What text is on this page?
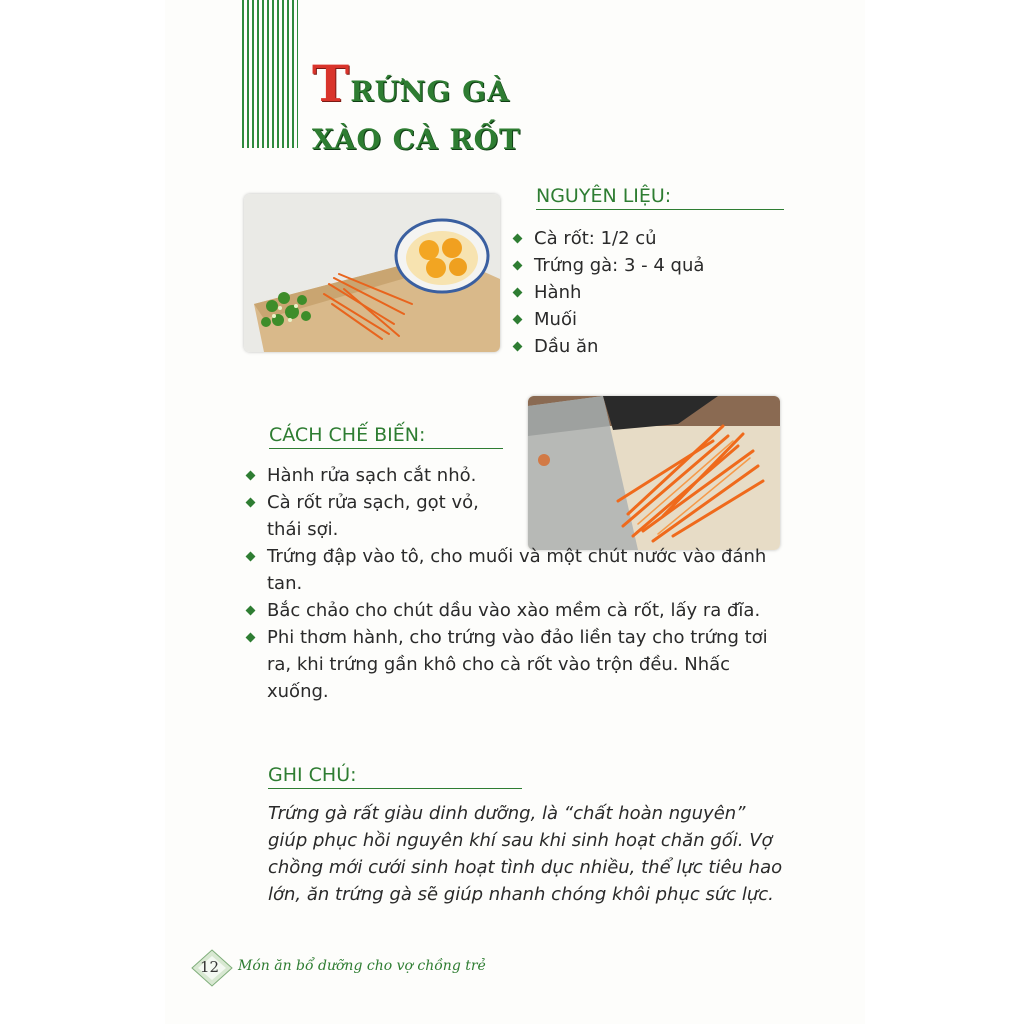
TRỨNG GÀ
XÀO CÀ RỐT
NGUYÊN LIỆU:
Cà rốt: 1/2 củ
Trứng gà: 3 - 4 quả
Hành
Muối
Dầu ăn
CÁCH CHẾ BIẾN:
Hành rửa sạch cắt nhỏ.
Cà rốt rửa sạch, gọt vỏ, thái sợi.
Trứng đập vào tô, cho muối và một chút nước vào đánh tan.
Bắc chảo cho chút dầu vào xào mềm cà rốt, lấy ra đĩa.
Phi thơm hành, cho trứng vào đảo liền tay cho trứng tơi ra, khi trứng gần khô cho cà rốt vào trộn đều. Nhấc xuống.
GHI CHÚ:

Trứng gà rất giàu dinh dưỡng, là “chất hoàn nguyên” giúp phục hồi nguyên khí sau khi sinh hoạt chăn gối. Vợ chồng mới cưới sinh hoạt tình dục nhiều, thể lực tiêu hao lớn, ăn trứng gà sẽ giúp nhanh chóng khôi phục sức lực.

12 Món ăn bổ dưỡng cho vợ chồng trẻ
